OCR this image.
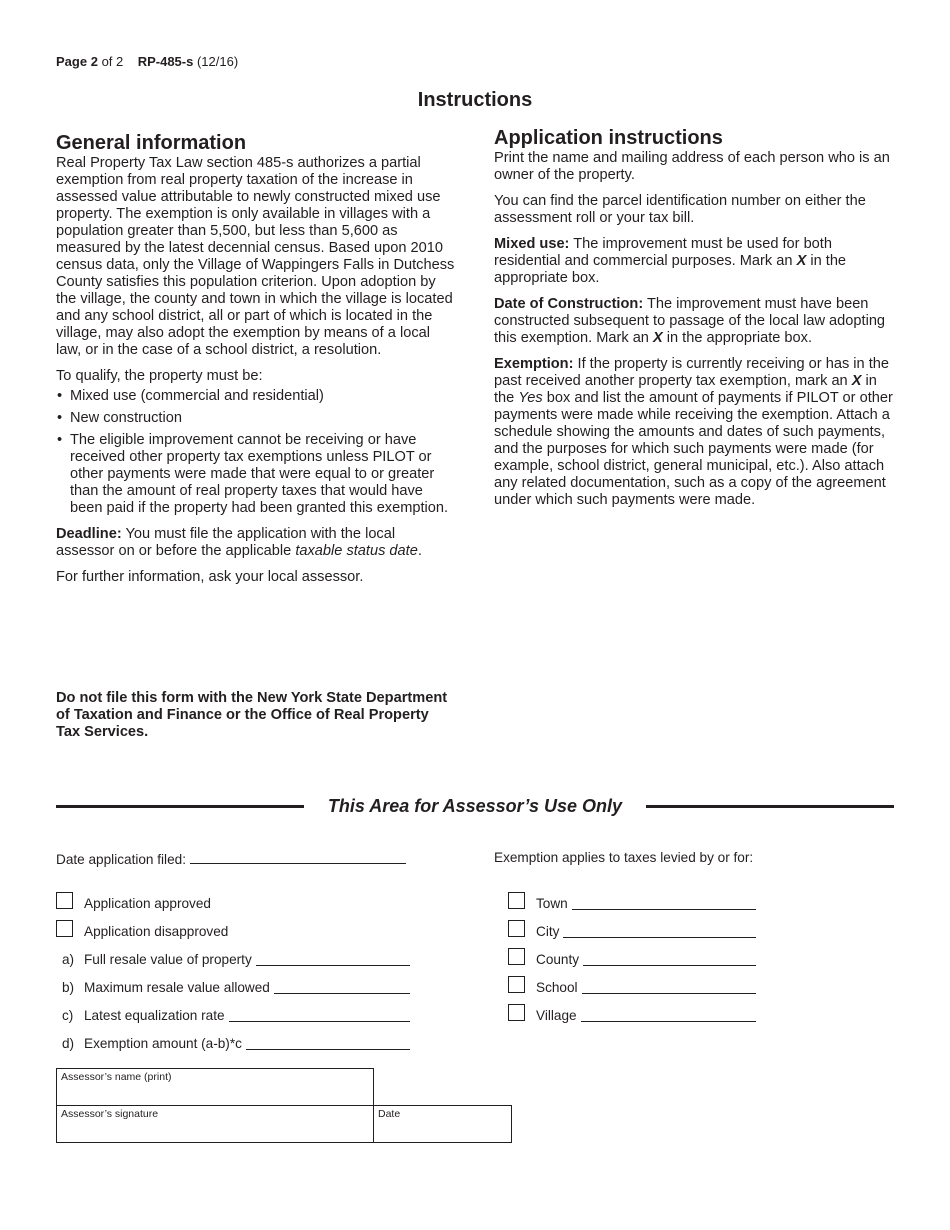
Page 2 of 2 RP-485-s (12/16)
Instructions
General information

Real Property Tax Law section 485-s authorizes a partial exemption from real property taxation of the increase in assessed value attributable to newly constructed mixed use property. The exemption is only available in villages with a population greater than 5,500, but less than 5,600 as measured by the latest decennial census. Based upon 2010 census data, only the Village of Wappingers Falls in Dutchess County satisfies this population criterion. Upon adoption by the village, the county and town in which the village is located and any school district, all or part of which is located in the village, may also adopt the exemption by means of a local law, or in the case of a school district, a resolution.

To qualify, the property must be:

• Mixed use (commercial and residential)
• New construction
• The eligible improvement cannot be receiving or have received other property tax exemptions unless PILOT or other payments were made that were equal to or greater than the amount of real property taxes that would have been paid if the property had been granted this exemption.

Deadline: You must file the application with the local assessor on or before the applicable taxable status date.

For further information, ask your local assessor.

Do not file this form with the New York State Department of Taxation and Finance or the Office of Real Property Tax Services.
Application instructions

Print the name and mailing address of each person who is an owner of the property.

You can find the parcel identification number on either the assessment roll or your tax bill.

Mixed use: The improvement must be used for both residential and commercial purposes. Mark an X in the appropriate box.

Date of Construction: The improvement must have been constructed subsequent to passage of the local law adopting this exemption. Mark an X in the appropriate box.

Exemption: If the property is currently receiving or has in the past received another property tax exemption, mark an X in the Yes box and list the amount of payments if PILOT or other payments were made while receiving the exemption. Attach a schedule showing the amounts and dates of such payments, and the purposes for which such payments were made (for example, school district, general municipal, etc.). Also attach any related documentation, such as a copy of the agreement under which such payments were made.

This Area for Assessor’s Use Only
Date application filed:	Exemption applies to taxes levied by or for:
Application approved
Application disapproved
a) Full resale value of property
b) Maximum resale value allowed
c) Latest equalization rate
d) Exemption amount (a-b)*c
Town
City
County
School
Village
Assessor’s name (print)
Assessor’s signature	Date
